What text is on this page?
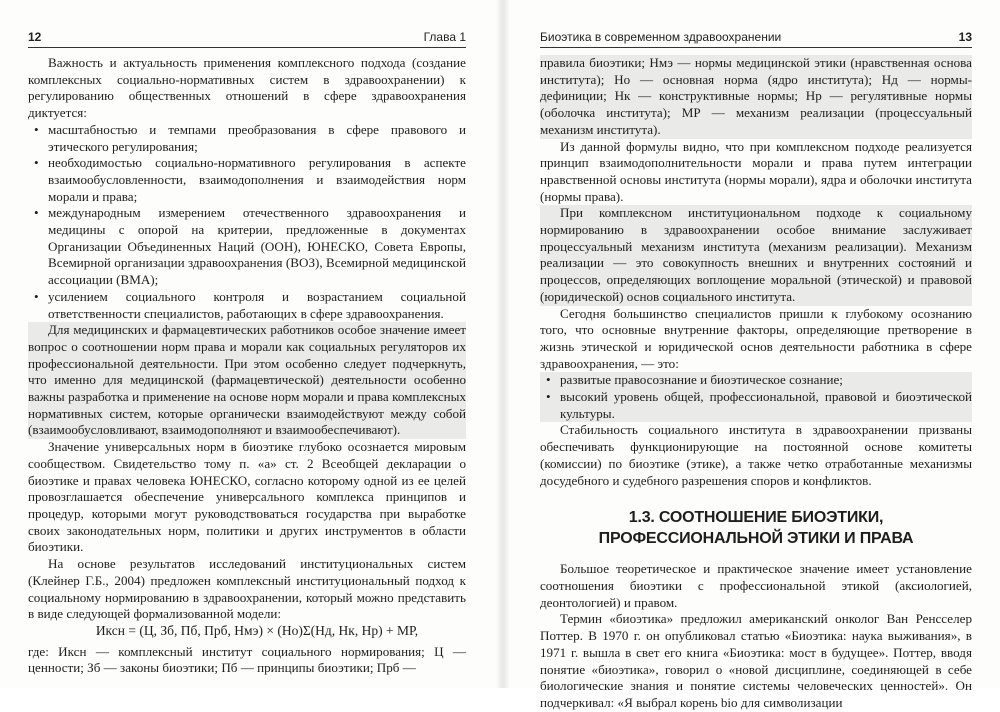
12	Глава 1

Важность и актуальность применения комплексного подхода (создание комплексных социально-нормативных систем в здравоохранении) к регулированию общественных отношений в сфере здравоохранения диктуется:

• масштабностью и темпами преобразования в сфере правового и этического регулирования;
• необходимостью социально-нормативного регулирования в аспекте взаимообусловленности, взаимодополнения и взаимодействия норм морали и права;
• международным измерением отечественного здравоохранения и медицины с опорой на критерии, предложенные в документах Организации Объединенных Наций (ООН), ЮНЕСКО, Совета Европы, Всемирной организации здравоохранения (ВОЗ), Всемирной медицинской ассоциации (ВМА);
• усилением социального контроля и возрастанием социальной ответственности специалистов, работающих в сфере здравоохранения.

Для медицинских и фармацевтических работников особое значение имеет вопрос о соотношении норм права и морали как социальных регуляторов их профессиональной деятельности. При этом особенно следует подчеркнуть, что именно для медицинской (фармацевтической) деятельности особенно важны разработка и применение на основе норм морали и права комплексных нормативных систем, которые органически взаимодействуют между собой (взаимообусловливают, взаимодополняют и взаимообеспечивают).

Значение универсальных норм в биоэтике глубоко осознается мировым сообществом. Свидетельство тому п. «а» ст. 2 Всеобщей декларации о биоэтике и правах человека ЮНЕСКО, согласно которому одной из ее целей провозглашается обеспечение универсального комплекса принципов и процедур, которыми могут руководствоваться государства при выработке своих законодательных норм, политики и других инструментов в области биоэтики.

На основе результатов исследований институциональных систем (Клейнер Г.Б., 2004) предложен комплексный институциональный подход к социальному нормированию в здравоохранении, который можно представить в виде следующей формализованной модели:

Иксн = (Ц, Зб, Пб, Прб, Нмэ) × (Нo)Σ(Нд, Нк, Нр) + МР,

где: Иксн — комплексный институт социального нормирования; Ц — ценности; Зб — законы биоэтики; Пб — принципы биоэтики; Прб —

Биоэтика в современном здравоохранении	13

правила биоэтики; Нмэ — нормы медицинской этики (нравственная основа института); Нo — основная норма (ядро института); Нд — нормы-дефиниции; Нк — конструктивные нормы; Нр — регулятивные нормы (оболочка института); МР — механизм реализации (процессуальный механизм института).

Из данной формулы видно, что при комплексном подходе реализуется принцип взаимодополнительности морали и права путем интеграции нравственной основы института (нормы морали), ядра и оболочки института (нормы права).

При комплексном институциональном подходе к социальному нормированию в здравоохранении особое внимание заслуживает процессуальный механизм института (механизм реализации). Механизм реализации — это совокупность внешних и внутренних состояний и процессов, определяющих воплощение моральной (этической) и правовой (юридической) основ социального института.

Сегодня большинство специалистов пришли к глубокому осознанию того, что основные внутренние факторы, определяющие претворение в жизнь этической и юридической основ деятельности работника в сфере здравоохранения, — это:

• развитые правосознание и биоэтическое сознание;
• высокий уровень общей, профессиональной, правовой и биоэтической культуры.

Стабильность социального института в здравоохранении призваны обеспечивать функционирующие на постоянной основе комитеты (комиссии) по биоэтике (этике), а также четко отработанные механизмы досудебного и судебного разрешения споров и конфликтов.

1.3. СООТНОШЕНИЕ БИОЭТИКИ, ПРОФЕССИОНАЛЬНОЙ ЭТИКИ И ПРАВА

Большое теоретическое и практическое значение имеет установление соотношения биоэтики с профессиональной этикой (аксиологией, деонтологией) и правом.

Термин «биоэтика» предложил американский онколог Ван Ренсселер Поттер. В 1970 г. он опубликовал статью «Биоэтика: наука выживания», в 1971 г. вышла в свет его книга «Биоэтика: мост в будущее». Поттер, вводя понятие «биоэтика», говорил о «новой дисциплине, соединяющей в себе биологические знания и понятие системы человеческих ценностей». Он подчеркивал: «Я выбрал корень bio для символизации
